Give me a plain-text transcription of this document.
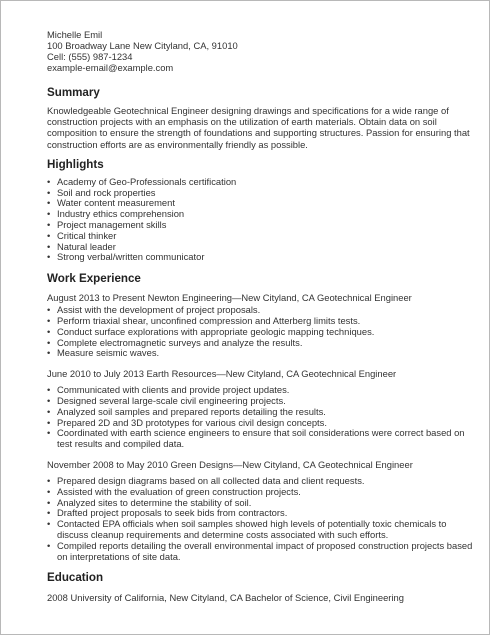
Michelle Emil
100 Broadway Lane New Cityland, CA, 91010
Cell: (555) 987-1234
example-email@example.com
Summary

Knowledgeable Geotechnical Engineer designing drawings and specifications for a wide range of construction projects with an emphasis on the utilization of earth materials. Obtain data on soil composition to ensure the strength of foundations and supporting structures. Passion for ensuring that construction efforts are as environmentally friendly as possible.

Highlights
• Academy of Geo-Professionals certification
• Soil and rock properties
• Water content measurement
• Industry ethics comprehension
• Project management skills
• Critical thinker
• Natural leader
• Strong verbal/written communicator
Work Experience
August 2013 to Present Newton Engineering—New Cityland, CA Geotechnical Engineer
• Assist with the development of project proposals.
• Perform triaxial shear, unconfined compression and Atterberg limits tests.
• Conduct surface explorations with appropriate geologic mapping techniques.
• Complete electromagnetic surveys and analyze the results.
• Measure seismic waves.
June 2010 to July 2013 Earth Resources—New Cityland, CA Geotechnical Engineer
• Communicated with clients and provide project updates.
• Designed several large-scale civil engineering projects.
• Analyzed soil samples and prepared reports detailing the results.
• Prepared 2D and 3D prototypes for various civil design concepts.
• Coordinated with earth science engineers to ensure that soil considerations were correct based on test results and compiled data.
November 2008 to May 2010 Green Designs—New Cityland, CA Geotechnical Engineer
• Prepared design diagrams based on all collected data and client requests.
• Assisted with the evaluation of green construction projects.
• Analyzed sites to determine the stability of soil.
• Drafted project proposals to seek bids from contractors.
• Contacted EPA officials when soil samples showed high levels of potentially toxic chemicals to discuss cleanup requirements and determine costs associated with such efforts.
• Compiled reports detailing the overall environmental impact of proposed construction projects based on interpretations of site data.
Education
2008 University of California, New Cityland, CA Bachelor of Science, Civil Engineering
